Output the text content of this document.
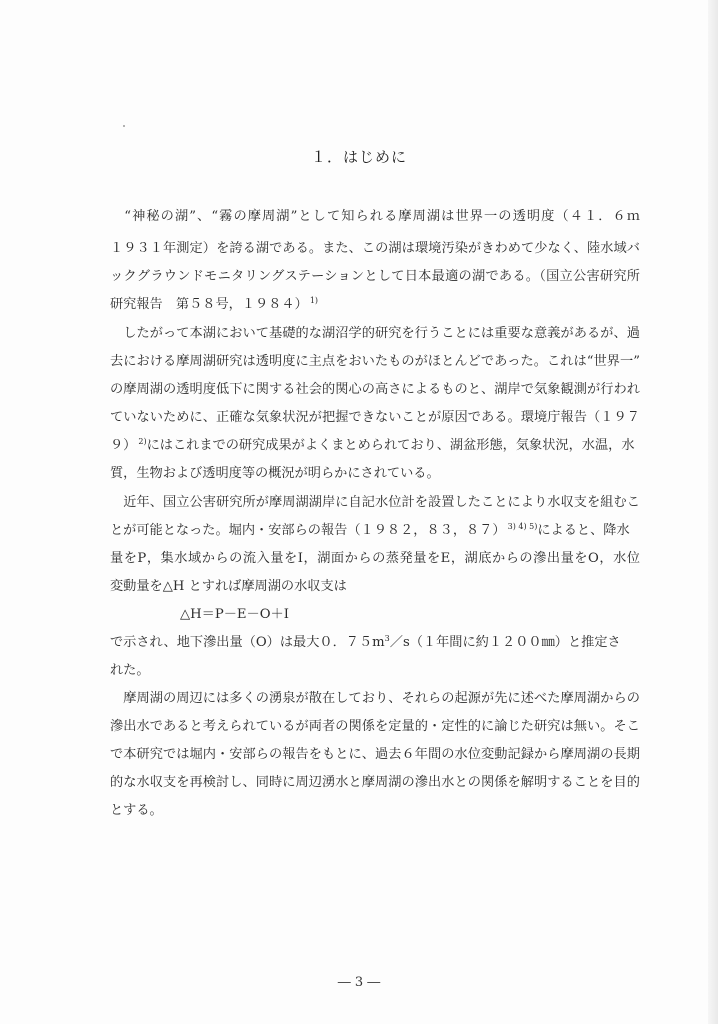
１．はじめに
　“神秘の湖”、“霧の摩周湖”として知られる摩周湖は世界一の透明度（４１．６ｍ
１９３１年測定）を誇る湖である。また、この湖は環境汚染がきわめて少なく、陸水域バ
ックグラウンドモニタリングステーションとして日本最適の湖である。（国立公害研究所
研究報告　第５８号，１９８４） $^{1)}$
　したがって本湖において基礎的な湖沼学的研究を行うことには重要な意義があるが、過
去における摩周湖研究は透明度に主点をおいたものがほとんどであった。これは“世界一”
の摩周湖の透明度低下に関する社会的関心の高さによるものと、湖岸で気象観測が行われ
ていないために、正確な気象状況が把握できないことが原因である。環境庁報告（１９７
９） $^{2)}$にはこれまでの研究成果がよくまとめられており、湖盆形態，気象状況，水温，水
質，生物および透明度等の概況が明らかにされている。
　近年、国立公害研究所が摩周湖湖岸に自記水位計を設置したことにより水収支を組むこ
とが可能となった。堀内・安部らの報告（１９８２，８３，８７） $^{3) 4) 5)}$によると、降水
量をP，集水域からの流入量をI，湖面からの蒸発量をE，湖底からの滲出量をO，水位
変動量を△H とすれば摩周湖の水収支は
△H＝P－E－O＋I
で示され、地下滲出量（O）は最大０．$75m^3/s(1$年間に約１２００㎜）と推定さ
れた。
　摩周湖の周辺には多くの湧泉が散在しており、それらの起源が先に述べた摩周湖からの
滲出水であると考えられているが両者の関係を定量的・定性的に論じた研究は無い。そこ
で本研究では堀内・安部らの報告をもとに、過去６年間の水位変動記録から摩周湖の長期
的な水収支を再検討し、同時に周辺湧水と摩周湖の滲出水との関係を解明することを目的
とする。
― 3 ―
